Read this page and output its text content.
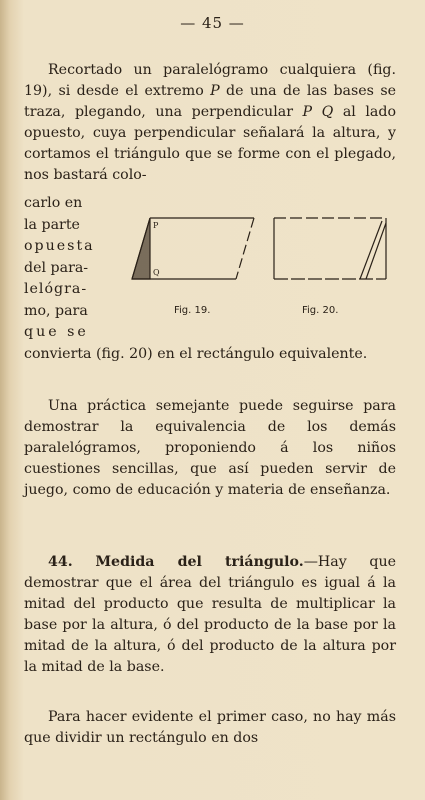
— 45 —
Recortado un paralelógramo cualquiera (fig. 19), si desde el extremo P de una de las bases se traza, plegando, una perpendicular P Q al lado opuesto, cuya perpendicular señalará la altura, y cortamos el triángulo que se forme con el plegado, nos bastará colo-
carlo en
la parte
opuesta
del para-
lelógra-
mo, para
que se
P
Q
Fig. 19.	Fig. 20.
convierta (fig. 20) en el rectángulo equivalente.
Una práctica semejante puede seguirse para demostrar la equivalencia de los demás paralelógramos, proponiendo á los niños cuestiones sencillas, que así pueden servir de juego, como de educación y materia de enseñanza.
44. Medida del triángulo.—Hay que demostrar que el área del triángulo es igual á la mitad del producto que resulta de multiplicar la base por la altura, ó del producto de la base por la mitad de la altura, ó del producto de la altura por la mitad de la base.
Para hacer evidente el primer caso, no hay más que dividir un rectángulo en dos
